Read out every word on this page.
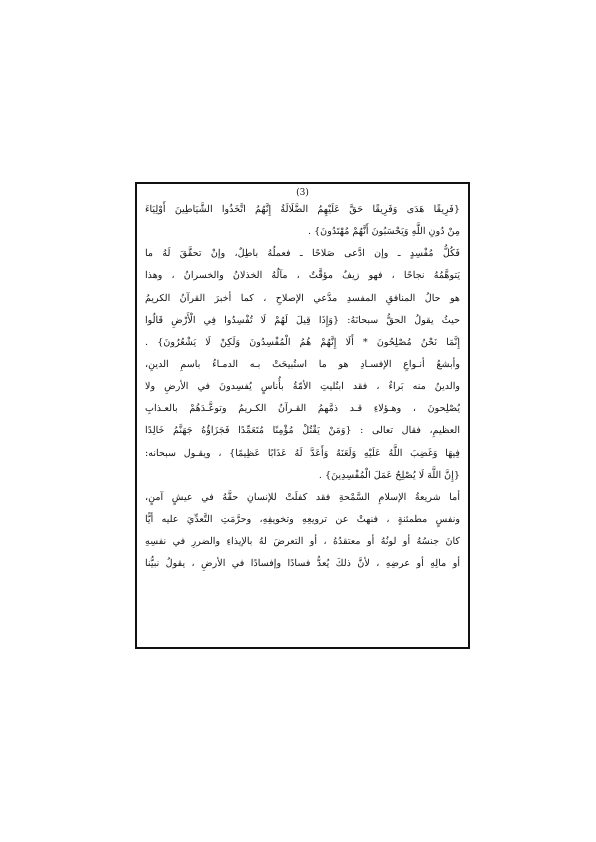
(3)
{فَرِيقًا هَدَى وَفَرِيقًا حَقَّ عَلَيْهِمُ الضَّلَالَةُ إِنَّهُمُ اتَّخَذُوا الشَّيَاطِينَ أَوْلِيَاءَ
مِنْ دُونِ اللَّهِ وَيَحْسَبُونَ أَنَّهُمْ مُهْتَدُونَ} .
فَكُلُّ مُفْسِدٍ ـ وإن ادَّعى صَلاحًا ـ فعملُهُ باطِلٌ، وإنْ تحقَّقَ لَهُ ما
يَتوهَّمُهُ نجاحًا ، فهو زيفٌ مؤقَّتٌ ، مآلُهُ الخذلانُ والخسرانُ ، وهذا
هو حالُ المنافقِ المفسدِ مدَّعي الإصلاحِ ، كما أخبرَ القرآنُ الكريمُ
حيثُ يقولُ الحقُّ سبحانَهُ: {وَإِذَا قِيلَ لَهُمْ لَا تُفْسِدُوا فِي الْأَرْضِ قَالُوا
إِنَّمَا نَحْنُ مُصْلِحُونَ * أَلَا إِنَّهُمْ هُمُ الْمُفْسِدُونَ وَلَكِنْ لَا يَشْعُرُونَ} .
وأبشعُ أنـواعِ الإفسـادِ هو ما استُبيحَتْ بـه الدمـاءُ باسمِ الدينِ،
والدينُ منه بَراءٌ ، فقد ابتُليتِ الأمّةُ بأُناسٍ يُفسِدونَ في الأرضِ ولا
يُصْلِحونَ ، وهـؤلاءِ قـد ذمَّهمُ القـرآنُ الكـريمُ وتوعَّـدَهُمْ بالعـذابِ
العظيمِ، فقال تعالى : {وَمَنْ يَقْتُلْ مُؤْمِنًا مُتَعَمِّدًا فَجَزَاؤُهُ جَهَنَّمُ خَالِدًا
فِيهَا وَغَضِبَ اللَّهُ عَلَيْهِ وَلَعَنَهُ وَأَعَدَّ لَهُ عَذَابًا عَظِيمًا} ، ويقـول سبحانه:
{إِنَّ اللَّهَ لَا يُصْلِحُ عَمَلَ الْمُفْسِدِينَ} .
أما شريعةُ الإسلامِ السَّمْحةِ فقد كفلَتْ للإنسانِ حقَّهُ في عيشٍ آمنٍ،
ونفسٍ مطمئنةٍ ، فنهتْ عن ترويعِهِ وتخويفِهِ، وحرَّمَتِ التَّعدِّيَ عليه أيًّا
كانَ جنسُهُ أو لونُهُ أو معتقدُهُ ، أو التعرضَ لهُ بالإيذاءِ والضررِ في نفسِهِ
أو مالِهِ أو عرضِهِ ، لأنَّ ذلكَ يُعدُّ فسادًا وإفسادًا في الأرضِ ، يقولُ نبيُّنا
